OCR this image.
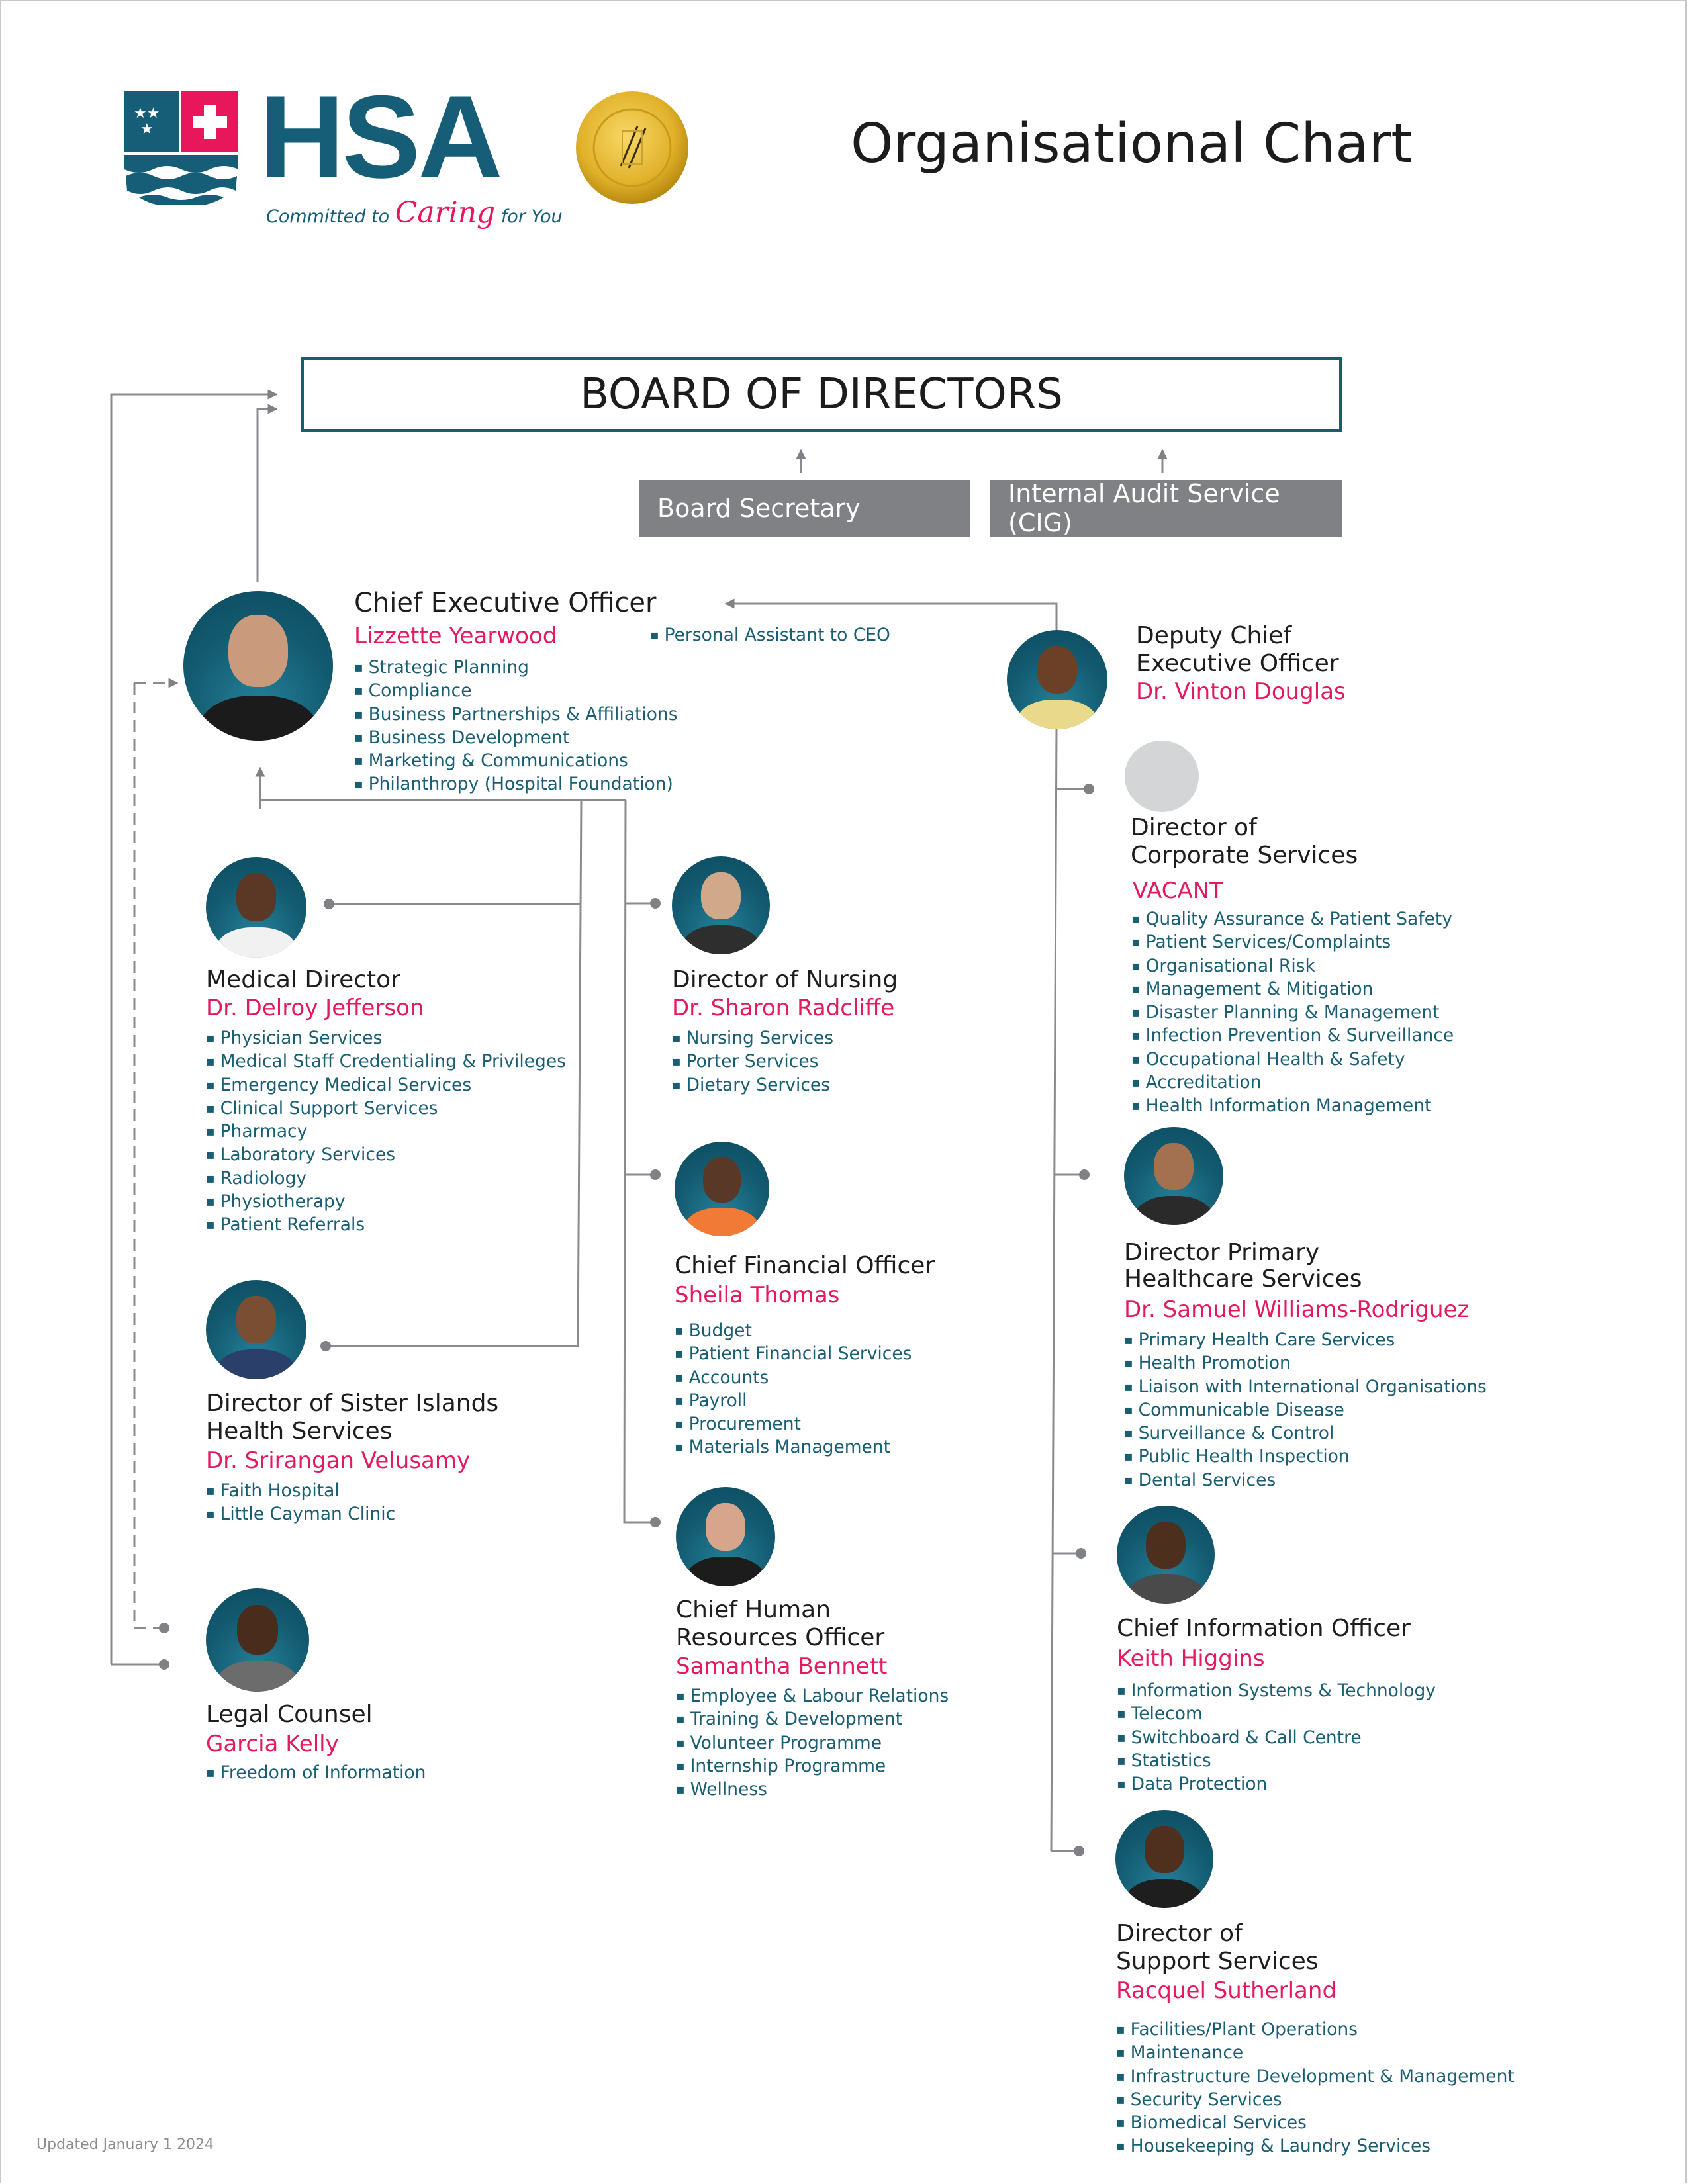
★★
★ HSA
Committed to Caring for You
Organisational Chart
BOARD OF DIRECTORS
Board Secretary	Internal Audit Service (CIG)
Chief Executive Officer
Lizzette Yearwood	▪ Personal Assistant to CEO
▪ Strategic Planning
▪ Compliance
▪ Business Partnerships & Affiliations
▪ Business Development
▪ Marketing & Communications
▪ Philanthropy (Hospital Foundation)
Deputy Chief
Executive Officer
Dr. Vinton Douglas
Medical Director
Dr. Delroy Jefferson
▪ Physician Services
▪ Medical Staff Credentialing & Privileges
▪ Emergency Medical Services
▪ Clinical Support Services
▪ Pharmacy
▪ Laboratory Services
▪ Radiology
▪ Physiotherapy
▪ Patient Referrals
Director of Sister Islands
Health Services
Dr. Srirangan Velusamy
▪ Faith Hospital
▪ Little Cayman Clinic
Legal Counsel
Garcia Kelly
▪ Freedom of Information
Director of Nursing
Dr. Sharon Radcliffe
▪ Nursing Services
▪ Porter Services
▪ Dietary Services
Chief Financial Officer
Sheila Thomas
▪ Budget
▪ Patient Financial Services
▪ Accounts
▪ Payroll
▪ Procurement
▪ Materials Management
Chief Human
Resources Officer
Samantha Bennett
▪ Employee & Labour Relations
▪ Training & Development
▪ Volunteer Programme
▪ Internship Programme
▪ Wellness
Director of
Corporate Services
VACANT
▪ Quality Assurance & Patient Safety
▪ Patient Services/Complaints
▪ Organisational Risk
▪ Management & Mitigation
▪ Disaster Planning & Management
▪ Infection Prevention & Surveillance
▪ Occupational Health & Safety
▪ Accreditation
▪ Health Information Management
Director Primary
Healthcare Services
Dr. Samuel Williams-Rodriguez
▪ Primary Health Care Services
▪ Health Promotion
▪ Liaison with International Organisations
▪ Communicable Disease
▪ Surveillance & Control
▪ Public Health Inspection
▪ Dental Services
Chief Information Officer
Keith Higgins
▪ Information Systems & Technology
▪ Telecom
▪ Switchboard & Call Centre
▪ Statistics
▪ Data Protection
Director of
Support Services
Racquel Sutherland
▪ Facilities/Plant Operations
▪ Maintenance
▪ Infrastructure Development & Management
▪ Security Services
▪ Biomedical Services
▪ Housekeeping & Laundry Services
Updated January 1 2024
